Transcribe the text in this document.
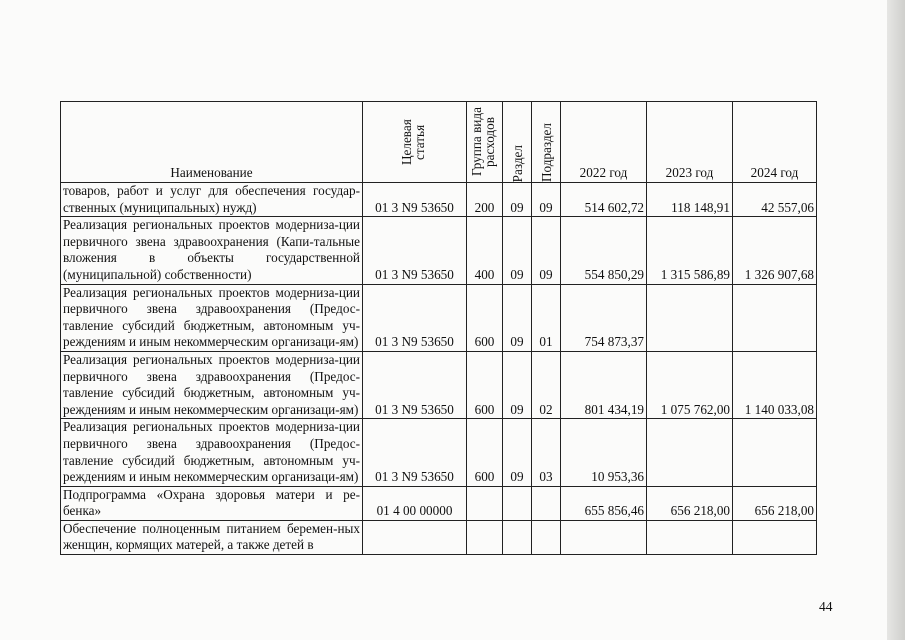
Наименование	Целевая статья	Группа вида расходов	Раздел	Подраздел	2022 год	2023 год	2024 год
товаров, работ и услуг для обеспечения государ-ственных (муниципальных) нужд)	01 3 N9 53650	200	09	09	514 602,72	118 148,91	42 557,06
Реализация региональных проектов модерниза-ции первичного звена здравоохранения (Капи-тальные вложения в объекты государственной (муниципальной) собственности)	01 3 N9 53650	400	09	09	554 850,29	1 315 586,89	1 326 907,68
Реализация региональных проектов модерниза-ции первичного звена здравоохранения (Предос-тавление субсидий бюджетным, автономным уч-реждениям и иным некоммерческим организаци-ям)	01 3 N9 53650	600	09	01	754 873,37		
Реализация региональных проектов модерниза-ции первичного звена здравоохранения (Предос-тавление субсидий бюджетным, автономным уч-реждениям и иным некоммерческим организаци-ям)	01 3 N9 53650	600	09	02	801 434,19	1 075 762,00	1 140 033,08
Реализация региональных проектов модерниза-ции первичного звена здравоохранения (Предос-тавление субсидий бюджетным, автономным уч-реждениям и иным некоммерческим организаци-ям)	01 3 N9 53650	600	09	03	10 953,36		
Подпрограмма «Охрана здоровья матери и ре-бенка»	01 4 00 00000				655 856,46	656 218,00	656 218,00
Обеспечение полноценным питанием беремен-ных женщин, кормящих матерей, а также детей в							
44
